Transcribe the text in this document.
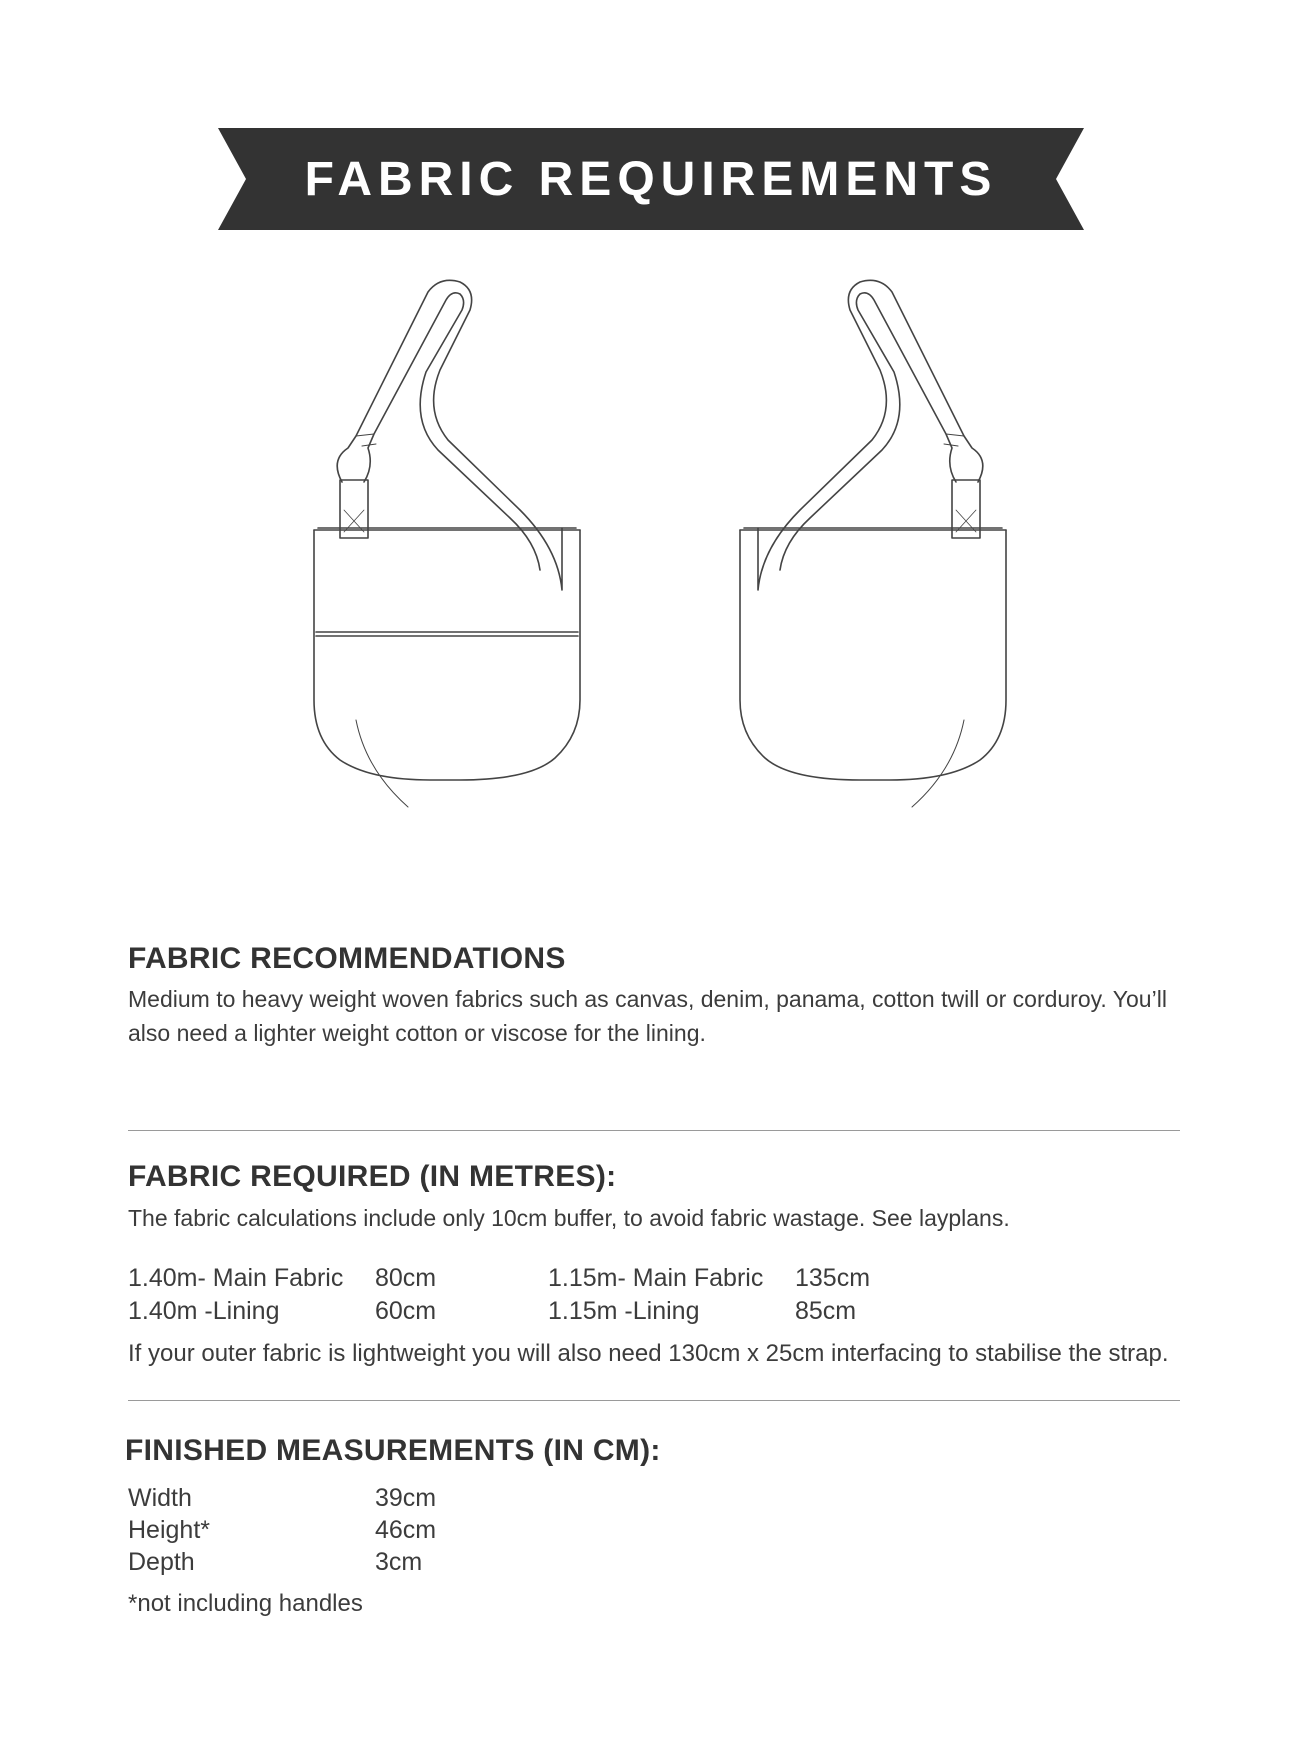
FABRIC REQUIREMENTS
FABRIC RECOMMENDATIONS
Medium to heavy weight woven fabrics such as canvas, denim, panama, cotton twill or corduroy. You’ll
also need a lighter weight cotton or viscose for the lining.
FABRIC REQUIRED (IN METRES):
The fabric calculations include only 10cm buffer, to avoid fabric wastage. See layplans.
1.40m- Main Fabric 80cm	1.15m- Main Fabric 135cm
1.40m -Lining	60cm	1.15m -Lining	85cm
If your outer fabric is lightweight you will also need 130cm x 25cm interfacing to stabilise the strap.
FINISHED MEASUREMENTS (IN CM):
Width	39cm
Height*	46cm
Depth	3cm
*not including handles
